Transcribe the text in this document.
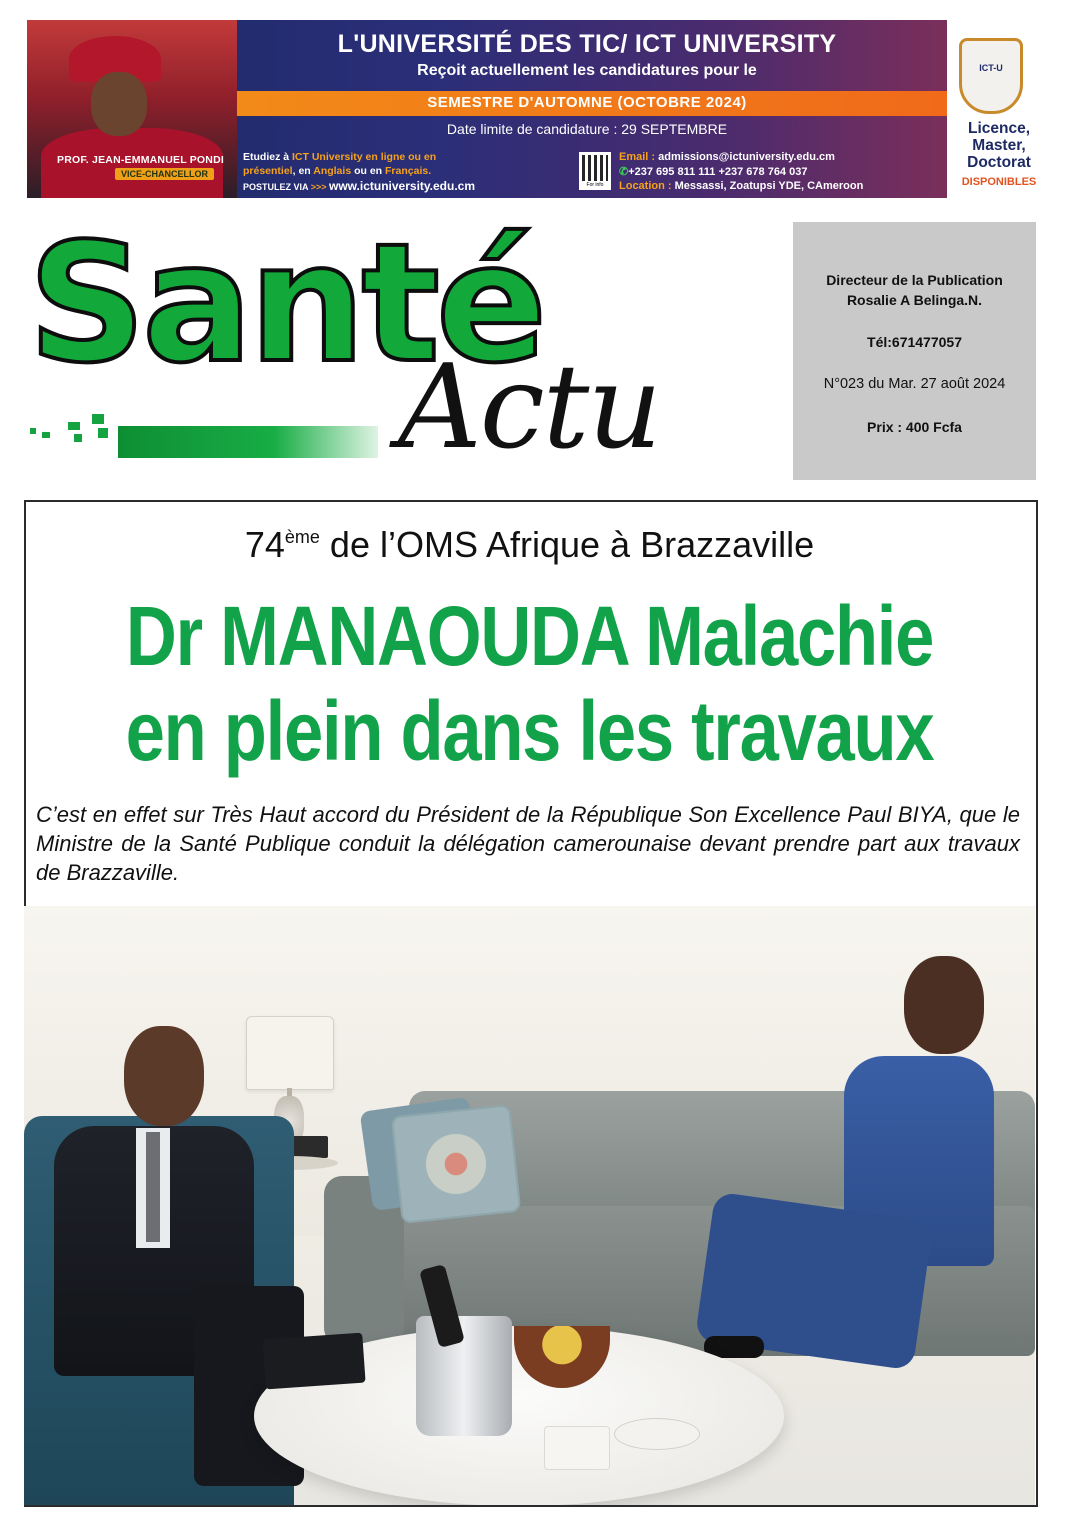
PROF. JEAN-EMMANUEL PONDI
VICE-CHANCELLOR
L'UNIVERSITÉ DES TIC/ ICT UNIVERSITY
Reçoit actuellement les candidatures pour le
SEMESTRE D'AUTOMNE (OCTOBRE 2024)
Date limite de candidature : 29 SEPTEMBRE
Etudiez à ICT University en ligne ou en
présentiel, en Anglais ou en Français.
POSTULEZ VIA >>> www.ictuniversity.edu.cm	For info
Email : admissions@ictuniversity.edu.cm
✆+237 695 811 111 +237 678 764 037
Location : Messassi, Zoatupsi YDE, CAmeroon
ICT-U
Licence,
Master,
Doctorat
DISPONIBLES
Santé
Actu
Directeur de la Publication
Rosalie A Belinga.N.
Tél:671477057
N°023 du Mar. 27 août 2024
Prix : 400 Fcfa
74ème de l’OMS Afrique à Brazzaville
Dr MANAOUDA Malachie
en plein dans les travaux
C’est en effet sur Très Haut accord du Président de la République Son Excellence Paul BIYA, que le Ministre de la Santé Publique conduit la délégation camerounaise devant prendre part aux travaux de Brazzaville.
